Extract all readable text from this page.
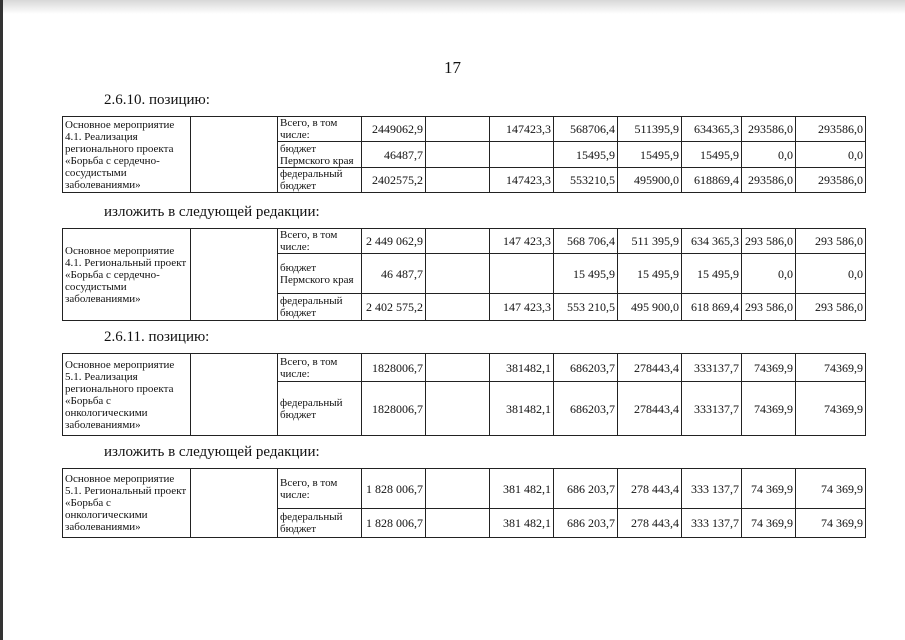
17
2.6.10. позицию:
Основное мероприятие 4.1. Реализация регионального проекта «Борьба с сердечно-сосудистыми заболеваниями»		Всего, в том числе:	2449062,9		147423,3	568706,4	511395,9	634365,3	293586,0	293586,0
		бюджет Пермского края	46487,7			15495,9	15495,9	15495,9	0,0	0,0
		федеральный бюджет	2402575,2		147423,3	553210,5	495900,0	618869,4	293586,0	293586,0
изложить в следующей редакции:
Основное мероприятие 4.1. Региональный проект «Борьба с сердечно-сосудистыми заболеваниями»		Всего, в том числе:	2 449 062,9		147 423,3	568 706,4	511 395,9	634 365,3	293 586,0	293 586,0
		бюджет Пермского края	46 487,7			15 495,9	15 495,9	15 495,9	0,0	0,0
		федеральный бюджет	2 402 575,2		147 423,3	553 210,5	495 900,0	618 869,4	293 586,0	293 586,0
2.6.11. позицию:
Основное мероприятие 5.1. Реализация регионального проекта «Борьба с онкологическими заболеваниями»		Всего, в том числе:	1828006,7		381482,1	686203,7	278443,4	333137,7	74369,9	74369,9
		федеральный бюджет	1828006,7		381482,1	686203,7	278443,4	333137,7	74369,9	74369,9
изложить в следующей редакции:
Основное мероприятие 5.1. Региональный проект «Борьба с онкологическими заболеваниями»		Всего, в том числе:	1 828 006,7		381 482,1	686 203,7	278 443,4	333 137,7	74 369,9	74 369,9
		федеральный бюджет	1 828 006,7		381 482,1	686 203,7	278 443,4	333 137,7	74 369,9	74 369,9
